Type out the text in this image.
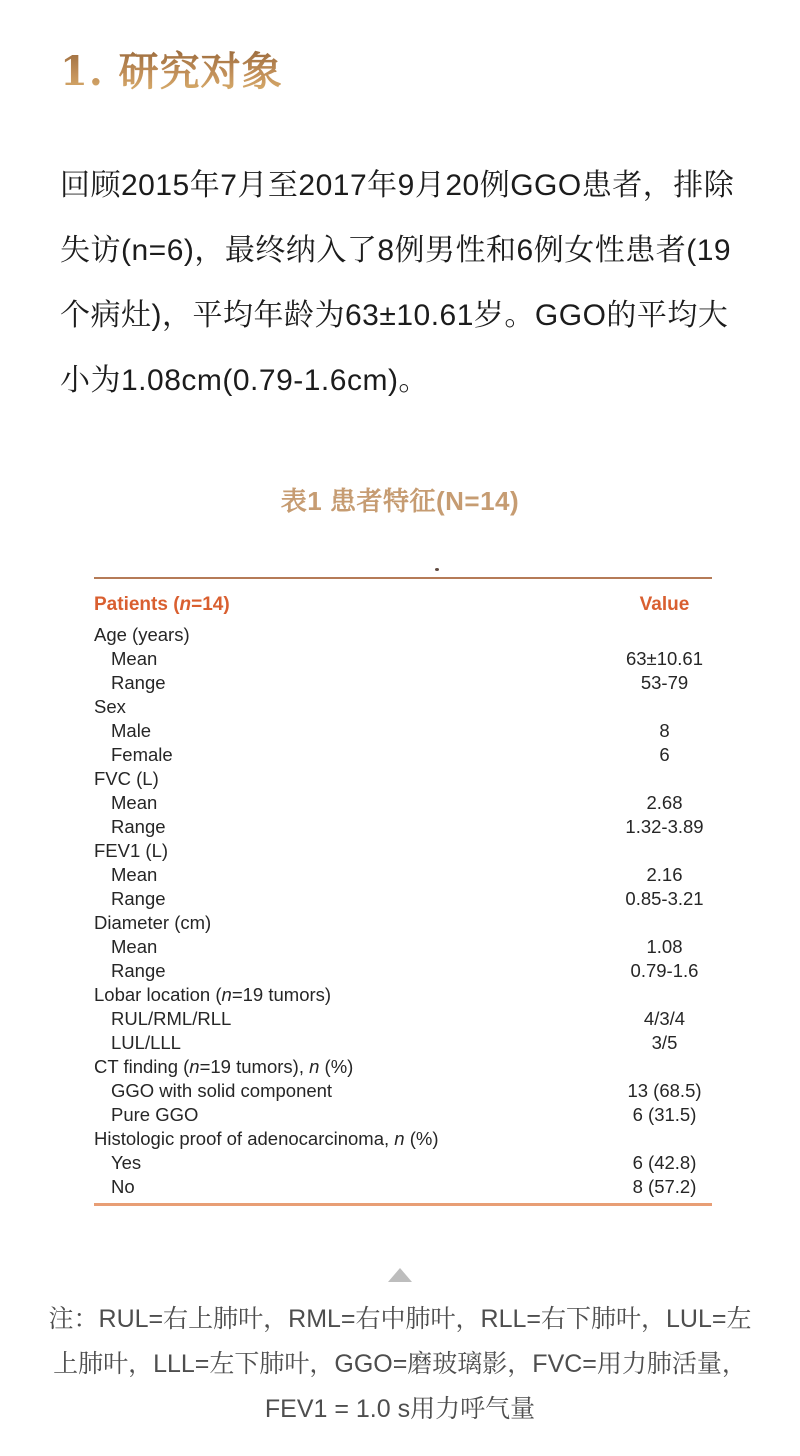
1. 研究对象

回顾2015年7月至2017年9月20例GGO患者，排除失访(n=6)，最终纳入了8例男性和6例女性患者(19个病灶)，平均年龄为63±10.61岁。GGO的平均大小为1.08cm(0.79-1.6cm)。

表1 患者特征(N=14)
Patients (n=14)	Value
Age (years)
Mean	63±10.61
Range	53-79
Sex
Male	8
Female	6
FVC (L)
Mean	2.68
Range	1.32-3.89
FEV1 (L)
Mean	2.16
Range	0.85-3.21
Diameter (cm)
Mean	1.08
Range	0.79-1.6
Lobar location (n=19 tumors)
RUL/RML/RLL	4/3/4
LUL/LLL	3/5
CT finding (n=19 tumors), n (%)
GGO with solid component	13 (68.5)
Pure GGO	6 (31.5)
Histologic proof of adenocarcinoma, n (%)
Yes	6 (42.8)
No	8 (57.2)
注：RUL=右上肺叶，RML=右中肺叶，RLL=右下肺叶，LUL=左上肺叶，LLL=左下肺叶，GGO=磨玻璃影，FVC=用力肺活量，FEV1 = 1.0 s用力呼气量
